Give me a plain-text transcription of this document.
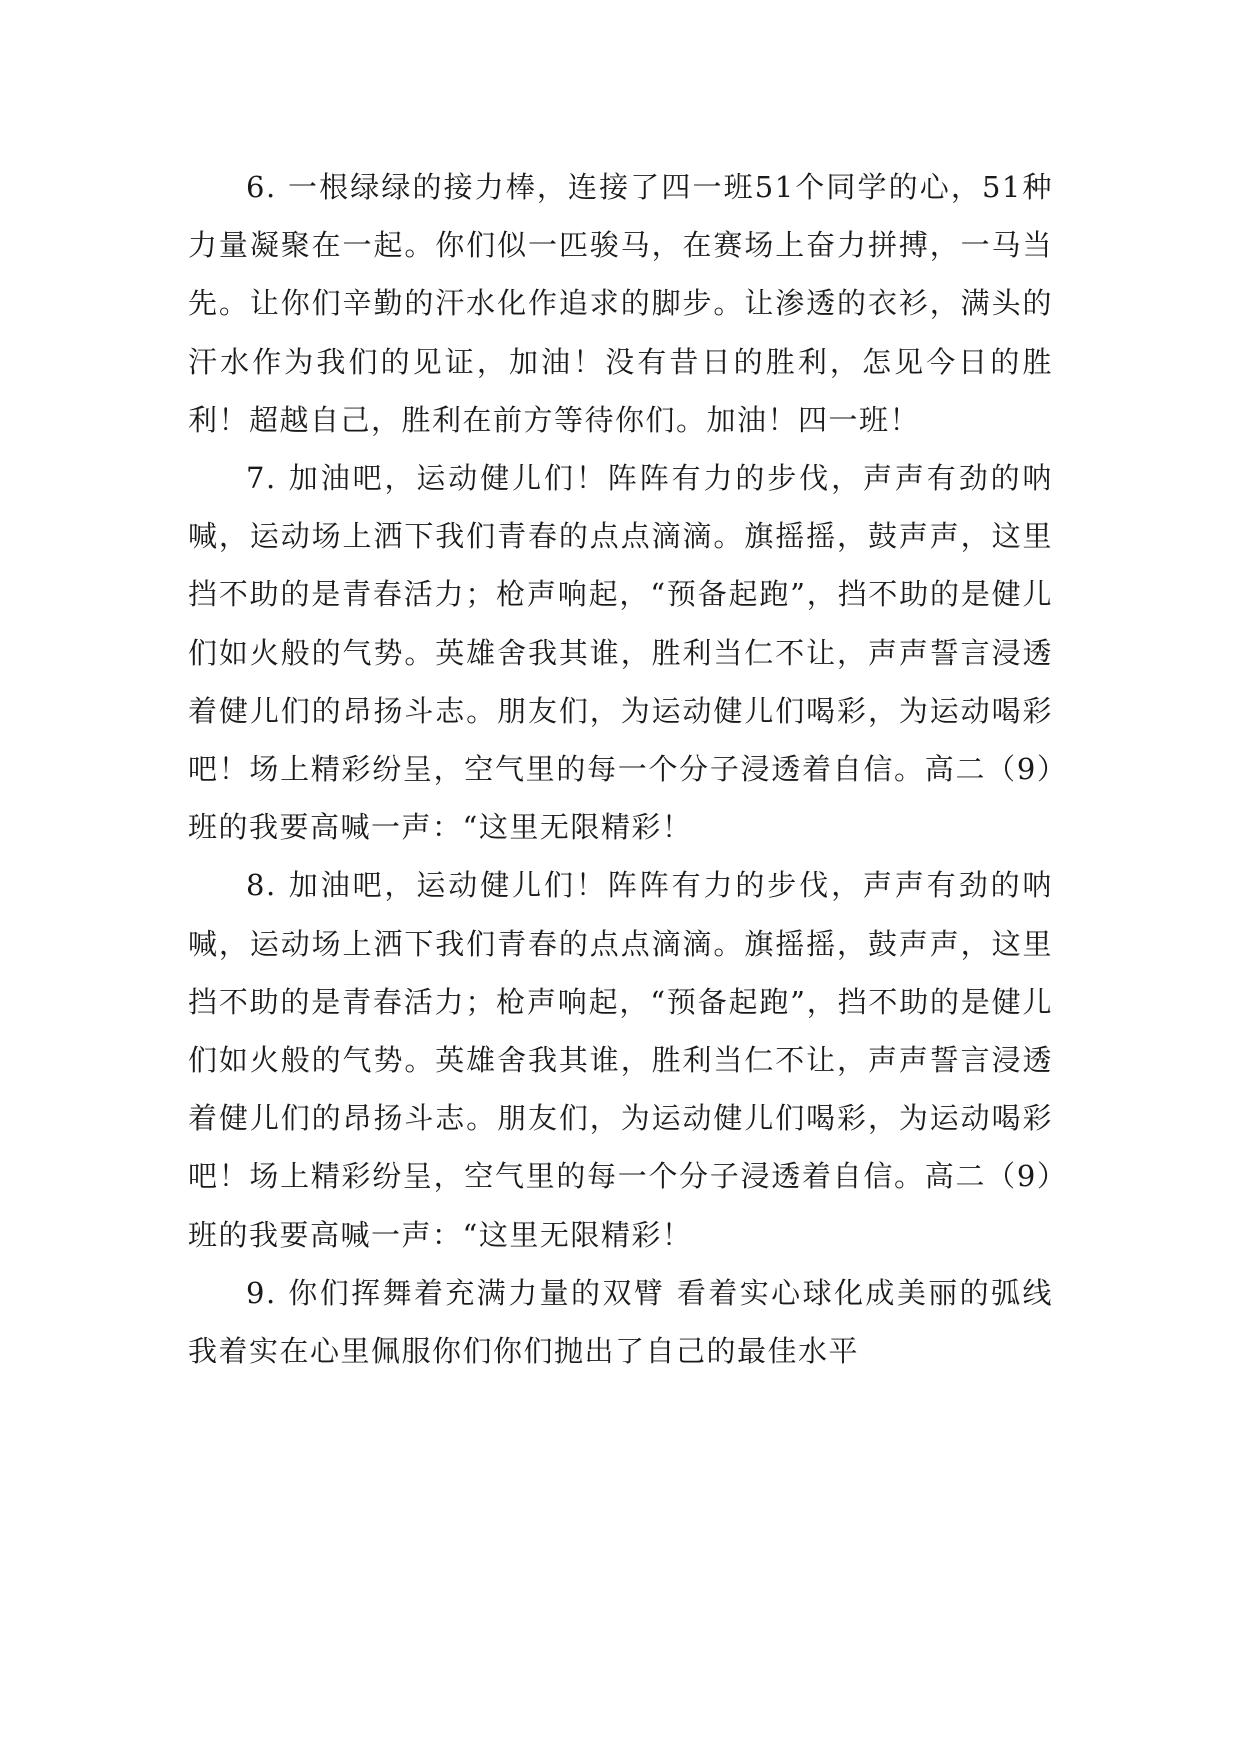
6. 一根绿绿的接力棒，连接了四一班51个同学的心，51种力量凝聚在一起。你们似一匹骏马，在赛场上奋力拼搏，一马当先。让你们辛勤的汗水化作追求的脚步。让渗透的衣衫，满头的汗水作为我们的见证，加油！没有昔日的胜利，怎见今日的胜利！超越自己，胜利在前方等待你们。加油！四一班！

7. 加油吧，运动健儿们！阵阵有力的步伐，声声有劲的呐喊，运动场上洒下我们青春的点点滴滴。旗摇摇，鼓声声，这里挡不助的是青春活力；枪声响起，“预备起跑”，挡不助的是健儿们如火般的气势。英雄舍我其谁，胜利当仁不让，声声誓言浸透着健儿们的昂扬斗志。朋友们，为运动健儿们喝彩，为运动喝彩吧！场上精彩纷呈，空气里的每一个分子浸透着自信。高二（9）班的我要高喊一声：“这里无限精彩！

8. 加油吧，运动健儿们！阵阵有力的步伐，声声有劲的呐喊，运动场上洒下我们青春的点点滴滴。旗摇摇，鼓声声，这里挡不助的是青春活力；枪声响起，“预备起跑”，挡不助的是健儿们如火般的气势。英雄舍我其谁，胜利当仁不让，声声誓言浸透着健儿们的昂扬斗志。朋友们，为运动健儿们喝彩，为运动喝彩吧！场上精彩纷呈，空气里的每一个分子浸透着自信。高二（9）班的我要高喊一声：“这里无限精彩！

9. 你们挥舞着充满力量的双臂 看着实心球化成美丽的弧线 我着实在心里佩服你们你们抛出了自己的最佳水平
